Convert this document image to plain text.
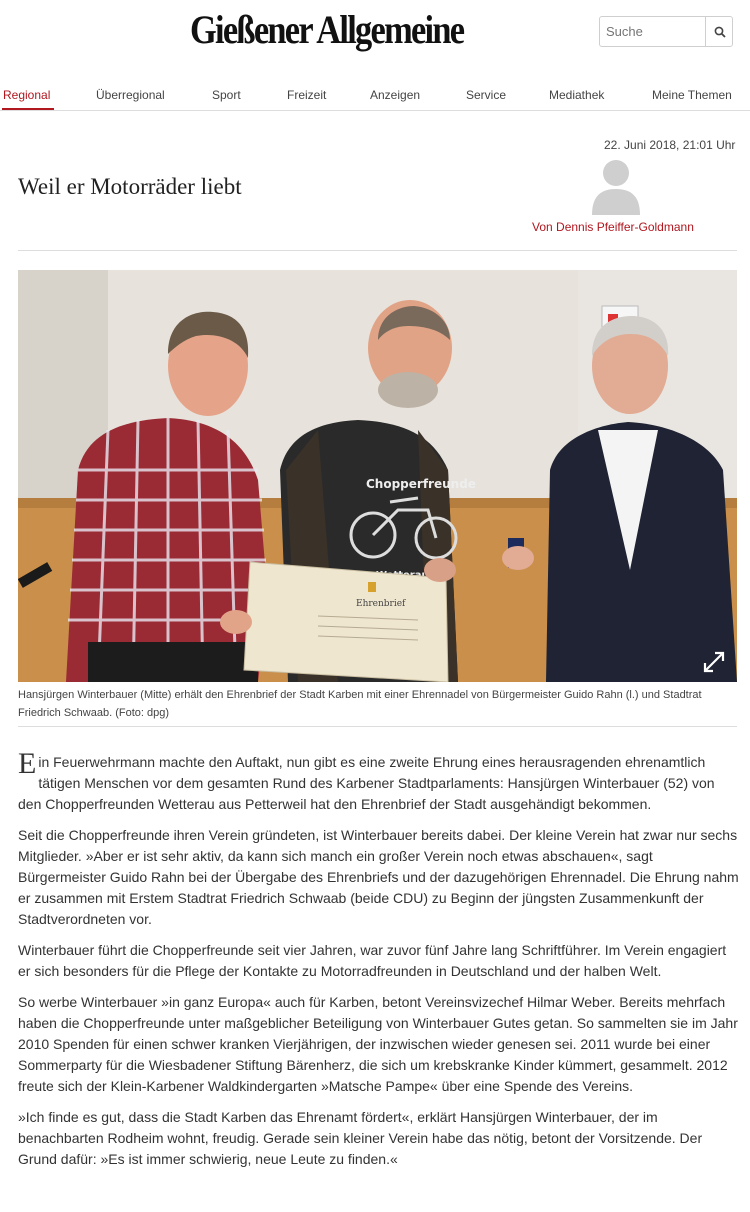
Gießener Allgemeine
Suche
Regional	Überregional	Sport	Freizeit	Anzeigen	Service	Mediathek	Meine Themen
22. Juni 2018, 21:01 Uhr
Weil er Motorräder liebt
Von Dennis Pfeiffer-Goldmann
Chopperfreunde
Ehrenbrief
Hansjürgen Winterbauer (Mitte) erhält den Ehrenbrief der Stadt Karben mit einer Ehrennadel von Bürgermeister Guido Rahn (l.) und Stadtrat Friedrich Schwaab. (Foto: dpg)

Ein Feuerwehrmann machte den Auftakt, nun gibt es eine zweite Ehrung eines herausragenden ehrenamtlich tätigen Menschen vor dem gesamten Rund des Karbener Stadtparlaments: Hansjürgen Winterbauer (52) von den Chopperfreunden Wetterau aus Petterweil hat den Ehrenbrief der Stadt ausgehändigt bekommen.

Seit die Chopperfreunde ihren Verein gründeten, ist Winterbauer bereits dabei. Der kleine Verein hat zwar nur sechs Mitglieder. »Aber er ist sehr aktiv, da kann sich manch ein großer Verein noch etwas abschauen«, sagt Bürgermeister Guido Rahn bei der Übergabe des Ehrenbriefs und der dazugehörigen Ehrennadel. Die Ehrung nahm er zusammen mit Erstem Stadtrat Friedrich Schwaab (beide CDU) zu Beginn der jüngsten Zusammenkunft der Stadtverordneten vor.

Winterbauer führt die Chopperfreunde seit vier Jahren, war zuvor fünf Jahre lang Schriftführer. Im Verein engagiert er sich besonders für die Pflege der Kontakte zu Motorradfreunden in Deutschland und der halben Welt.

So werbe Winterbauer »in ganz Europa« auch für Karben, betont Vereinsvizechef Hilmar Weber. Bereits mehrfach haben die Chopperfreunde unter maßgeblicher Beteiligung von Winterbauer Gutes getan. So sammelten sie im Jahr 2010 Spenden für einen schwer kranken Vierjährigen, der inzwischen wieder genesen sei. 2011 wurde bei einer Sommerparty für die Wiesbadener Stiftung Bärenherz, die sich um krebskranke Kinder kümmert, gesammelt. 2012 freute sich der Klein-Karbener Waldkindergarten »Matsche Pampe« über eine Spende des Vereins.

»Ich finde es gut, dass die Stadt Karben das Ehrenamt fördert«, erklärt Hansjürgen Winterbauer, der im benachbarten Rodheim wohnt, freudig. Gerade sein kleiner Verein habe das nötig, betont der Vorsitzende. Der Grund dafür: »Es ist immer schwierig, neue Leute zu finden.«
